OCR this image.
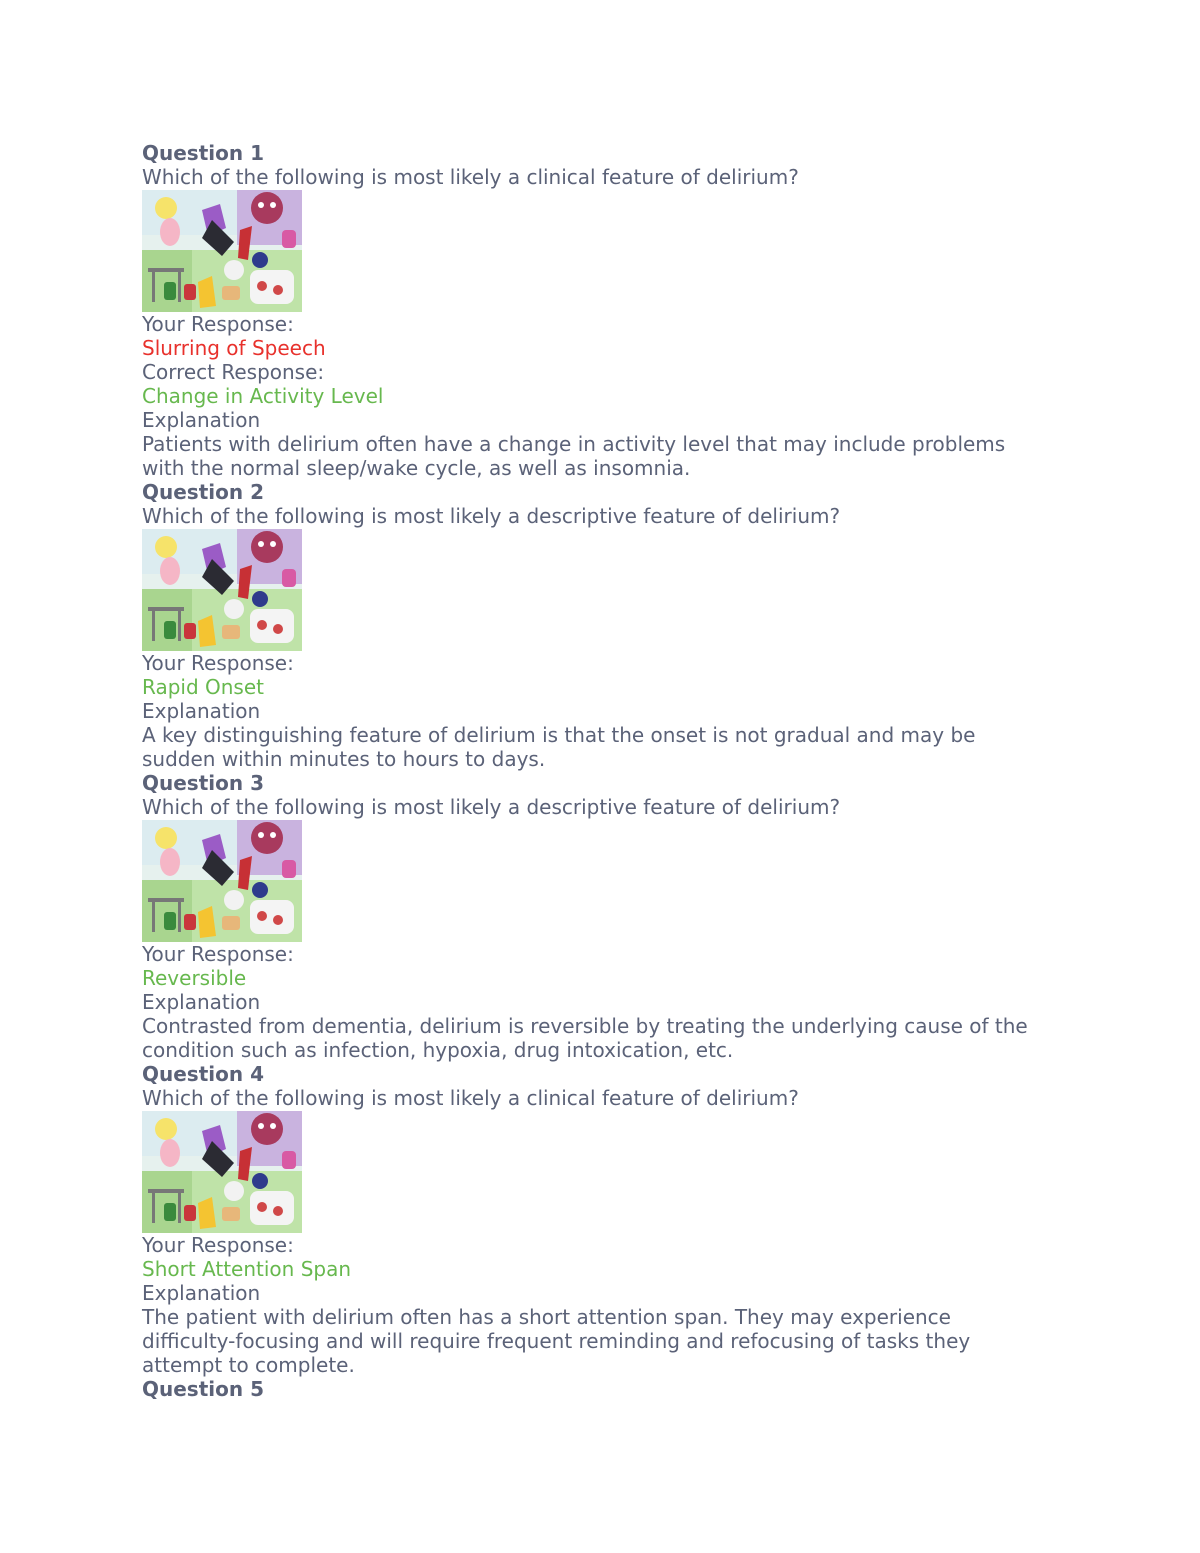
Question 1
Which of the following is most likely a clinical feature of delirium?
Your Response:
Slurring of Speech
Correct Response:
Change in Activity Level
Explanation
Patients with delirium often have a change in activity level that may include problems
with the normal sleep/wake cycle, as well as insomnia.
Question 2
Which of the following is most likely a descriptive feature of delirium?
Your Response:
Rapid Onset
Explanation
A key distinguishing feature of delirium is that the onset is not gradual and may be
sudden within minutes to hours to days.
Question 3
Which of the following is most likely a descriptive feature of delirium?
Your Response:
Reversible
Explanation
Contrasted from dementia, delirium is reversible by treating the underlying cause of the
condition such as infection, hypoxia, drug intoxication, etc.
Question 4
Which of the following is most likely a clinical feature of delirium?
Your Response:
Short Attention Span
Explanation
The patient with delirium often has a short attention span. They may experience
difficulty-focusing and will require frequent reminding and refocusing of tasks they
attempt to complete.
Question 5
